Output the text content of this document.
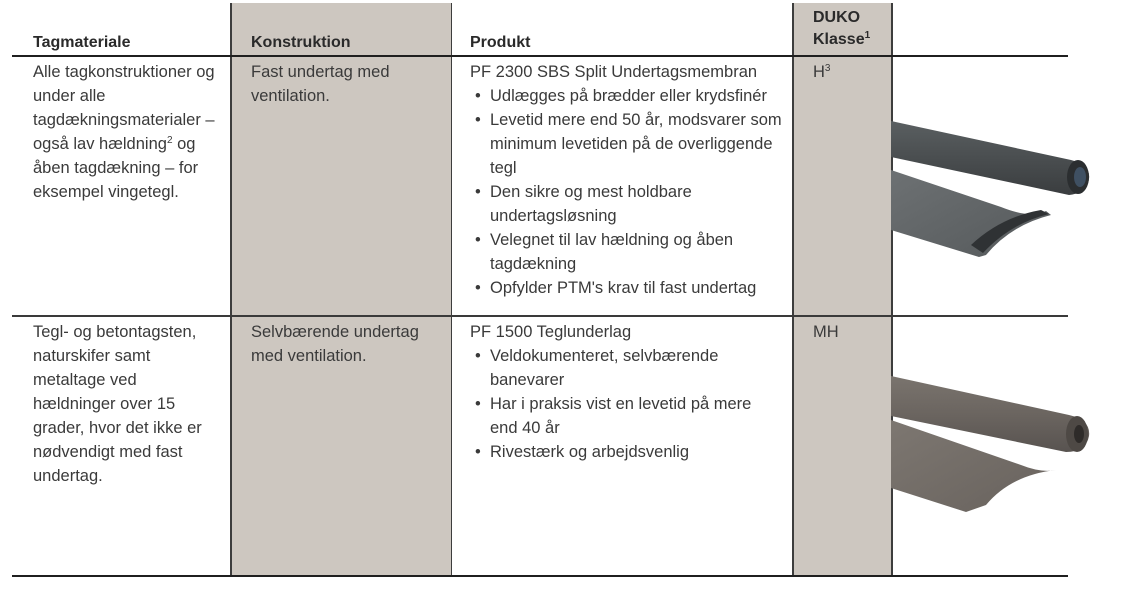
Tagmateriale	Konstruktion	Produkt
DUKO
Klasse$^1$
Alle tagkonstruktioner og under alle tagdækningsmaterialer – også lav hældning$^2$ og åben tagdækning – for eksempel vingetegl.
Fast undertag med ventilation.
PF 2300 SBS Split Undertagsmembran
• Udlægges på brædder eller krydsfinér
• Levetid mere end 50 år, modsvarer som minimum levetiden på de overliggende tegl
• Den sikre og mest holdbare undertagsløsning
• Velegnet til lav hældning og åben tagdækning
• Opfylder PTM's krav til fast undertag
$H^3$
Tegl- og betontagsten, naturskifer samt metaltage ved hældninger over 15 grader, hvor det ikke er nødvendigt med fast undertag.
Selvbærende undertag med ventilation.
PF 1500 Teglunderlag
• Veldokumenteret, selvbærende banevarer
• Har i praksis vist en levetid på mere end 40 år
• Rivestærk og arbejdsvenlig
MH
